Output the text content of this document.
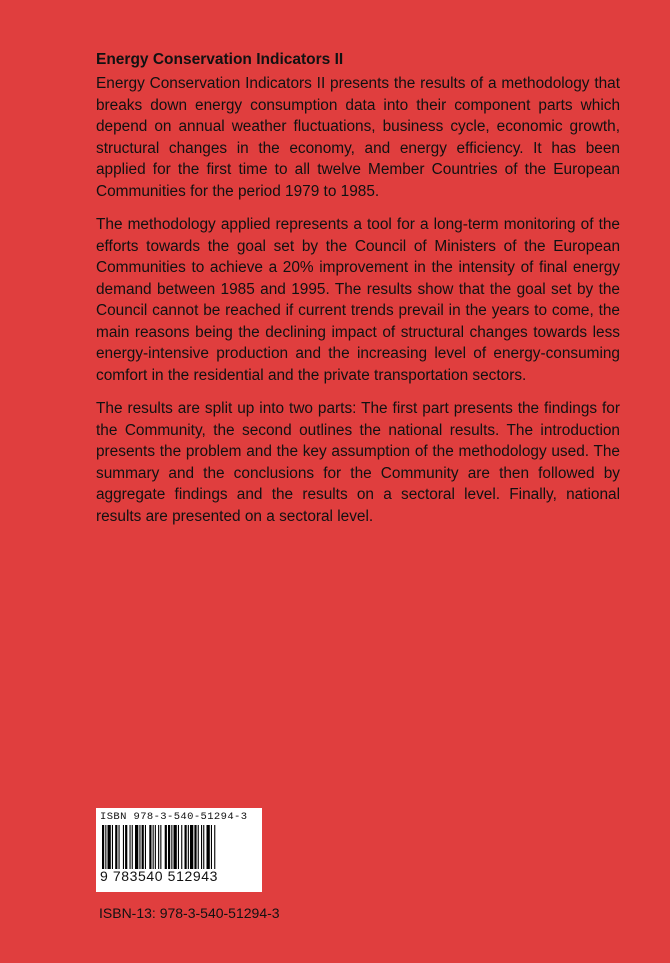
Energy Conservation Indicators II

Energy Conservation Indicators II presents the results of a methodology that breaks down energy consumption data into their component parts which depend on annual weather fluctuations, business cycle, economic growth, structural changes in the economy, and energy efficiency. It has been applied for the first time to all twelve Member Countries of the European Communities for the period 1979 to 1985.

The methodology applied represents a tool for a long-term monitoring of the efforts towards the goal set by the Council of Ministers of the European Communities to achieve a 20% improvement in the intensity of final energy demand between 1985 and 1995. The results show that the goal set by the Council cannot be reached if current trends prevail in the years to come, the main reasons being the declining impact of structural changes towards less energy-intensive production and the increasing level of energy-consuming comfort in the residential and the private transportation sectors.

The results are split up into two parts: The first part presents the findings for the Community, the second outlines the national results. The introduction presents the problem and the key assumption of the methodology used. The summary and the conclusions for the Community are then followed by aggregate findings and the results on a sectoral level. Finally, national results are presented on a sectoral level.

ISBN 978-3-540-51294-3
9 783540 512943
ISBN-13: 978-3-540-51294-3
